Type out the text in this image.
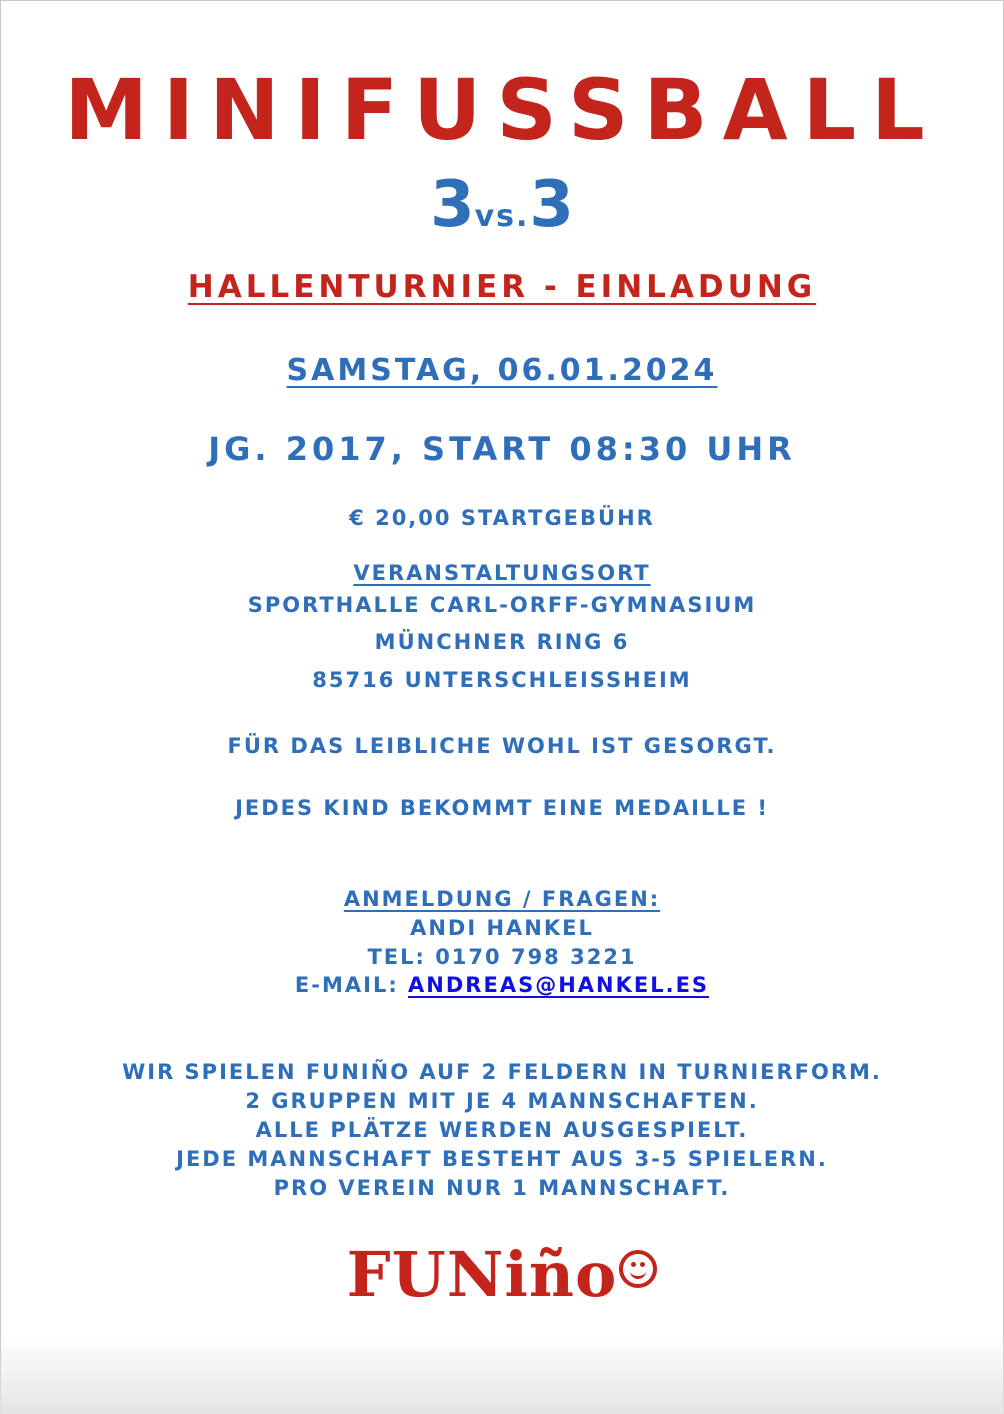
MINIFUSSBALL
3vs.3
HALLENTURNIER - EINLADUNG
SAMSTAG, 06.01.2024
JG. 2017, START 08:30 UHR
€ 20,00 STARTGEBÜHR
VERANSTALTUNGSORT
SPORTHALLE CARL-ORFF-GYMNASIUM
MÜNCHNER RING 6
85716 UNTERSCHLEISSHEIM
FÜR DAS LEIBLICHE WOHL IST GESORGT.
JEDES KIND BEKOMMT EINE MEDAILLE !
ANMELDUNG / FRAGEN:
ANDI HANKEL
TEL: 0170 798 3221
E-MAIL: ANDREAS@HANKEL.ES
WIR SPIELEN FUNIÑO AUF 2 FELDERN IN TURNIERFORM.
2 GRUPPEN MIT JE 4 MANNSCHAFTEN.
ALLE PLÄTZE WERDEN AUSGESPIELT.
JEDE MANNSCHAFT BESTEHT AUS 3-5 SPIELERN.
PRO VEREIN NUR 1 MANNSCHAFT.
FUNiño
